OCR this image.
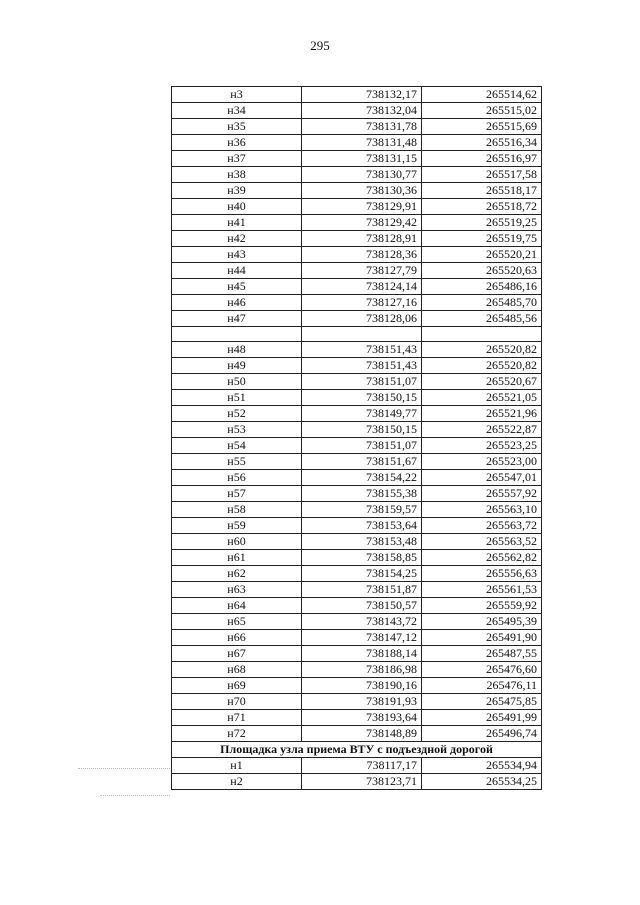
295
н3	738132,17	265514,62
н34	738132,04	265515,02
н35	738131,78	265515,69
н36	738131,48	265516,34
н37	738131,15	265516,97
н38	738130,77	265517,58
н39	738130,36	265518,17
н40	738129,91	265518,72
н41	738129,42	265519,25
н42	738128,91	265519,75
н43	738128,36	265520,21
н44	738127,79	265520,63
н45	738124,14	265486,16
н46	738127,16	265485,70
н47	738128,06	265485,56

н48	738151,43	265520,82
н49	738151,43	265520,82
н50	738151,07	265520,67
н51	738150,15	265521,05
н52	738149,77	265521,96
н53	738150,15	265522,87
н54	738151,07	265523,25
н55	738151,67	265523,00
н56	738154,22	265547,01
н57	738155,38	265557,92
н58	738159,57	265563,10
н59	738153,64	265563,72
н60	738153,48	265563,52
н61	738158,85	265562,82
н62	738154,25	265556,63
н63	738151,87	265561,53
н64	738150,57	265559,92
н65	738143,72	265495,39
н66	738147,12	265491,90
н67	738188,14	265487,55
н68	738186,98	265476,60
н69	738190,16	265476,11
н70	738191,93	265475,85
н71	738193,64	265491,99
н72	738148,89	265496,74
Площадка узла приема ВТУ с подъездной дорогой		
н1	738117,17	265534,94
н2	738123,71	265534,25
